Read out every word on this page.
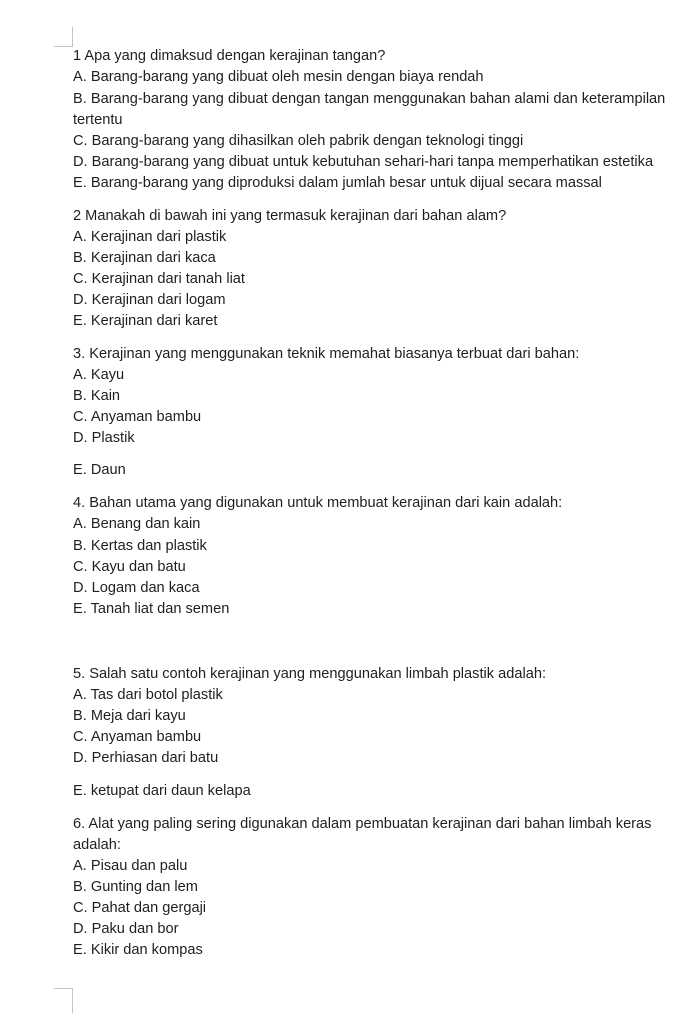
1 Apa yang dimaksud dengan kerajinan tangan?
A. Barang-barang yang dibuat oleh mesin dengan biaya rendah
B. Barang-barang yang dibuat dengan tangan menggunakan bahan alami dan keterampilan
tertentu
C. Barang-barang yang dihasilkan oleh pabrik dengan teknologi tinggi
D. Barang-barang yang dibuat untuk kebutuhan sehari-hari tanpa memperhatikan estetika
E. Barang-barang yang diproduksi dalam jumlah besar untuk dijual secara massal
2 Manakah di bawah ini yang termasuk kerajinan dari bahan alam?
A. Kerajinan dari plastik
B. Kerajinan dari kaca
C. Kerajinan dari tanah liat
D. Kerajinan dari logam
E. Kerajinan dari karet
3. Kerajinan yang menggunakan teknik memahat biasanya terbuat dari bahan:
A. Kayu
B. Kain
C. Anyaman bambu
D. Plastik
E. Daun
4. Bahan utama yang digunakan untuk membuat kerajinan dari kain adalah:
A. Benang dan kain
B. Kertas dan plastik
C. Kayu dan batu
D. Logam dan kaca
E. Tanah liat dan semen
5. Salah satu contoh kerajinan yang menggunakan limbah plastik adalah:
A. Tas dari botol plastik
B. Meja dari kayu
C. Anyaman bambu
D. Perhiasan dari batu
E. ketupat dari daun kelapa
6. Alat yang paling sering digunakan dalam pembuatan kerajinan dari bahan limbah keras
adalah:
A. Pisau dan palu
B. Gunting dan lem
C. Pahat dan gergaji
D. Paku dan bor
E. Kikir dan kompas
